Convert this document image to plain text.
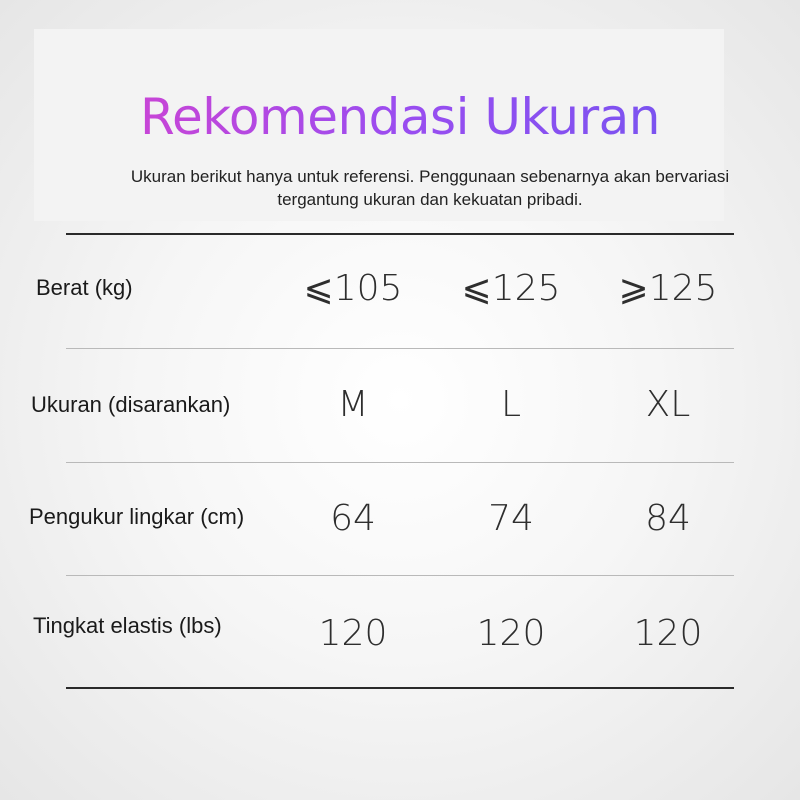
Rekomendasi Ukuran
Ukuran berikut hanya untuk referensi. Penggunaan sebenarnya akan bervariasi
tergantung ukuran dan kekuatan pribadi.
Berat (kg)	⩽105	⩽125	⩾125
Ukuran (disarankan)	M	L	XL
Pengukur lingkar (cm)	64	74	84
Tingkat elastis (lbs)	120	120	120
